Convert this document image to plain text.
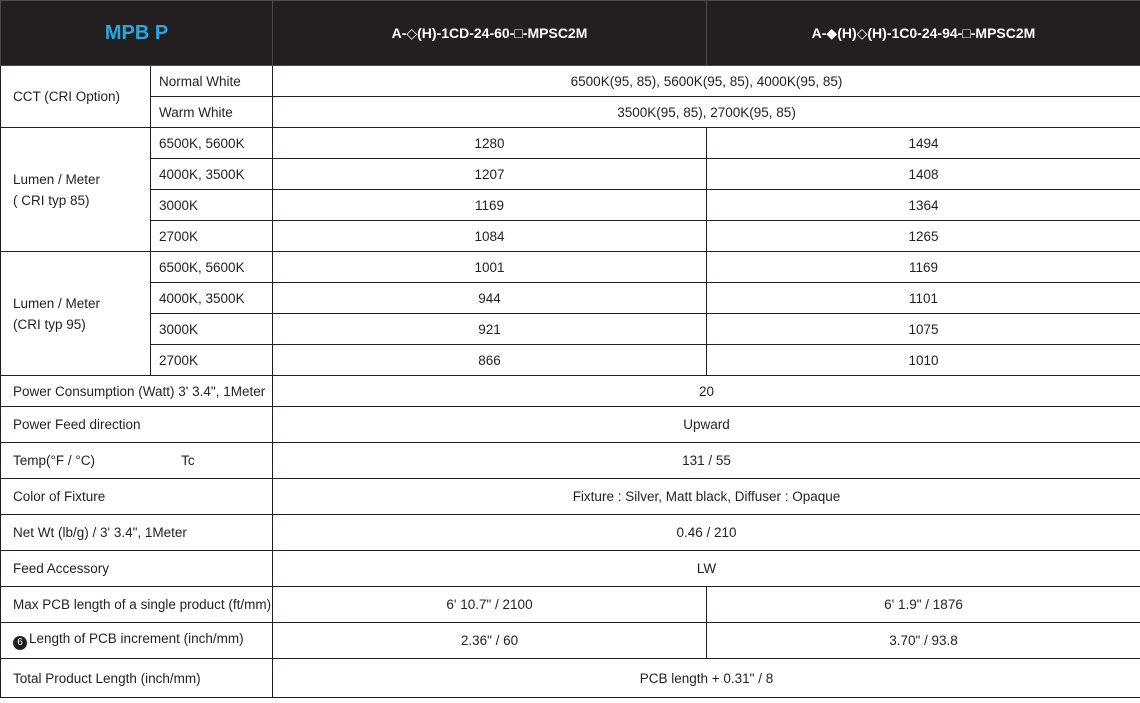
MPB P		A-◇(H)-1CD-24-60-□-MPSC2M	A-◆(H)◇(H)-1C0-24-94-□-MPSC2M
CCT (CRI Option)	Normal White	6500K(95, 85), 5600K(95, 85), 4000K(95, 85)	
	Warm White	3500K(95, 85), 2700K(95, 85)	
Lumen / Meter
( CRI typ 85)	6500K, 5600K	1280	1494
	4000K, 3500K	1207	1408
	3000K	1169	1364
	2700K	1084	1265
Lumen / Meter
(CRI typ 95)	6500K, 5600K	1001	1169
	4000K, 3500K	944	1101
	3000K	921	1075
	2700K	866	1010
Power Consumption (Watt) 3' 3.4", 1Meter		20	
Power Feed direction		Upward	
Temp(°F / °C) Tc		131 / 55	
Color of Fixture		Fixture : Silver, Matt black, Diffuser : Opaque	
Net Wt (lb/g) / 3' 3.4", 1Meter		0.46 / 210	
Feed Accessory		LW	
Max PCB length of a single product (ft/mm)		6' 10.7" / 2100	6' 1.9" / 1876
6 Length of PCB increment (inch/mm)		2.36" / 60	3.70" / 93.8
Total Product Length (inch/mm)		PCB length + 0.31" / 8	
